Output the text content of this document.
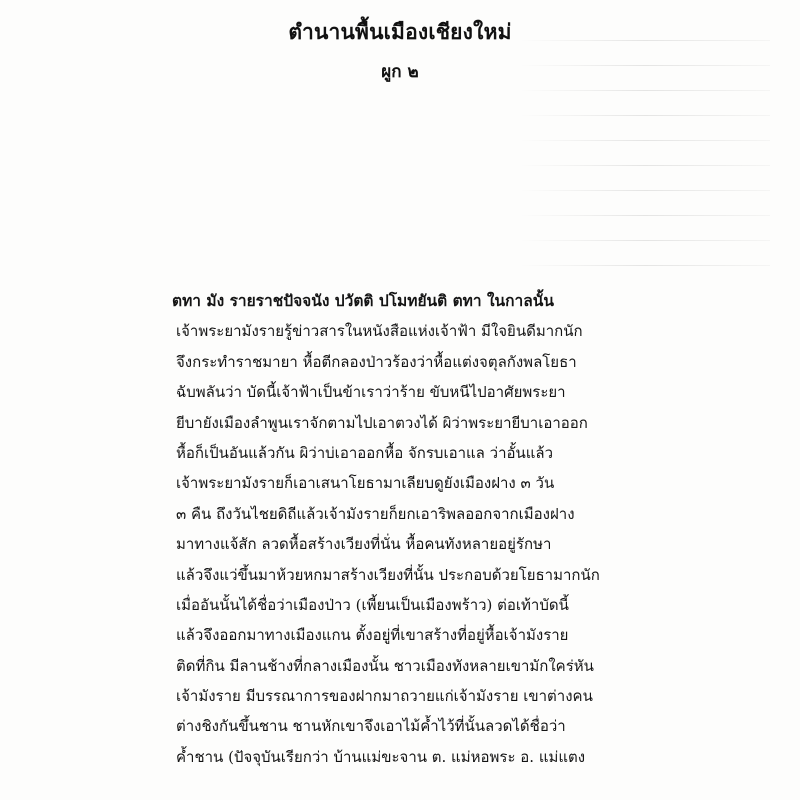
ตำนานพื้นเมืองเชียงใหม่
ผูก ๒
ตทา มัง รายราชปัจจนัง ปวัตติ ปโมทยันติ ตทา ในกาลนั้น
เจ้าพระยามังรายรู้ข่าวสารในหนังสือแห่งเจ้าฟ้า มีใจยินดีมากนัก
จึงกระทำราชมายา หื้อตีกลองป่าวร้องว่าหื้อแต่งจตุลกังพลโยธา
ฉับพลันว่า บัดนี้เจ้าฟ้าเป็นข้าเราว่าร้าย ขับหนีไปอาศัยพระยา
ยีบายังเมืองลำพูนเราจักตามไปเอาตวงได้ ผิว่าพระยายีบาเอาออก
หื้อก็เป็นอันแล้วกัน ผิว่าบ่เอาออกหื้อ จักรบเอาแล ว่าอั้นแล้ว
เจ้าพระยามังรายก็เอาเสนาโยธามาเลียบดูยังเมืองฝาง ๓ วัน
๓ คืน ถึงวันไชยดิถีแล้วเจ้ามังรายก็ยกเอาริพลออกจากเมืองฝาง
มาทางแจ้สัก ลวดหื้อสร้างเวียงที่นั่น หื้อคนทังหลายอยู่รักษา
แล้วจึงแว่ขึ้นมาห้วยหกมาสร้างเวียงที่นั้น ประกอบด้วยโยธามากนัก
เมื่ออันนั้นได้ชื่อว่าเมืองป่าว (เพี้ยนเป็นเมืองพร้าว) ต่อเท้าบัดนี้
แล้วจึงออกมาทางเมืองแกน ตั้งอยู่ที่เขาสร้างที่อยู่หื้อเจ้ามังราย
ติดที่กิน มีลานช้างที่กลางเมืองนั้น ชาวเมืองทังหลายเขามักใคร่หัน
เจ้ามังราย มีบรรณาการของฝากมาถวายแก่เจ้ามังราย เขาต่างคน
ต่างชิงกันขึ้นชาน ชานหักเขาจึงเอาไม้ค้ำไว้ที่นั้นลวดได้ชื่อว่า
ค้ำชาน (ปัจจุบันเรียกว่า บ้านแม่ขะจาน ต. แม่หอพระ อ. แม่แตง
